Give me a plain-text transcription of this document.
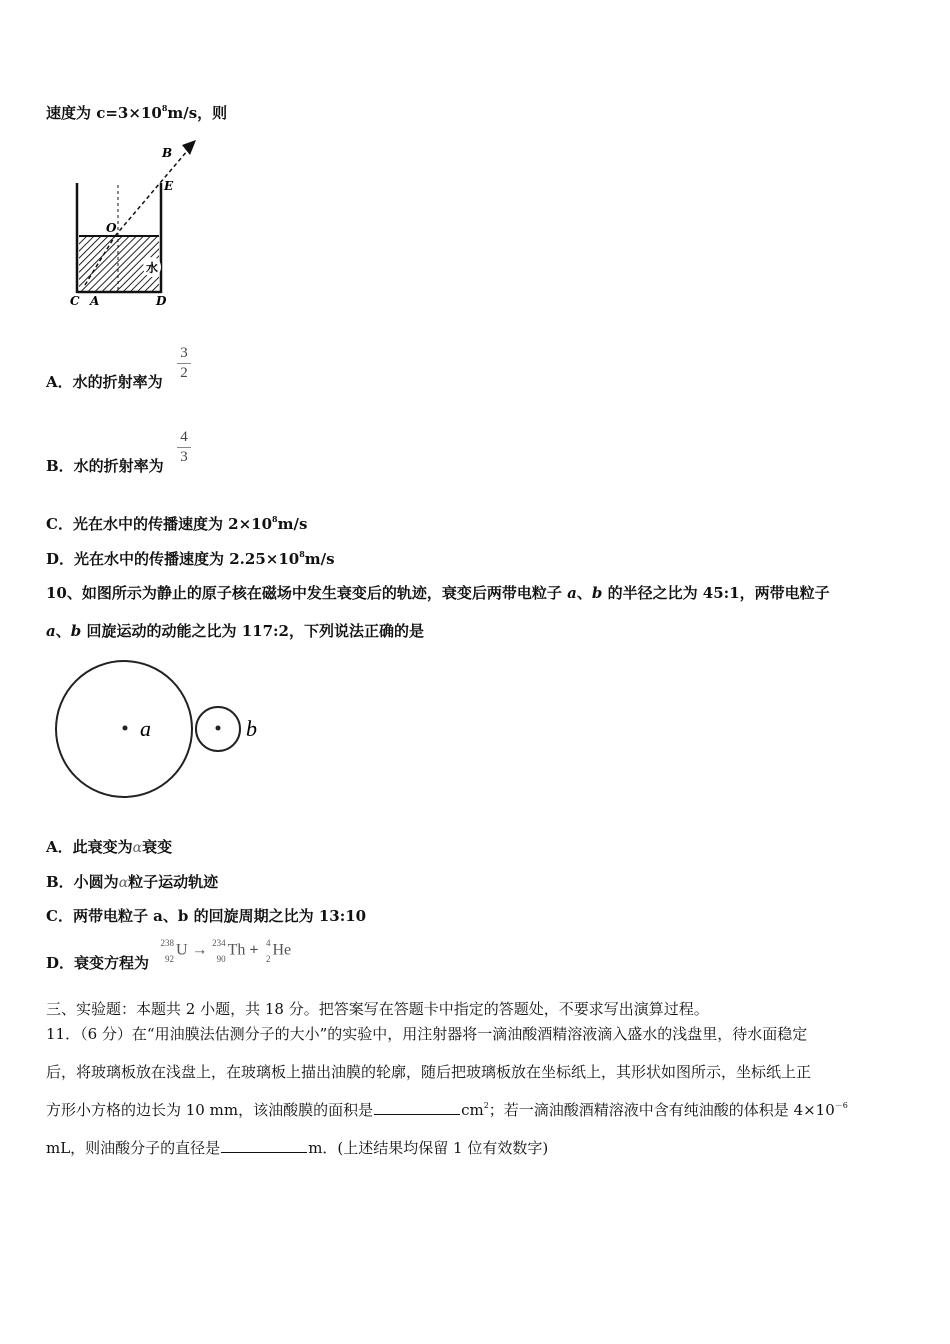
速度为 $c=3\times 10^8m/s$，则
B
E
O
水
C A	D
A．水的折射率为
3
2
B．水的折射率为
4
3
C．光在水中的传播速度为 $2\times 10^8m/s$
D．光在水中的传播速度为 $2.25\times 10^8m/s$
10、如图所示为静止的原子核在磁场中发生衰变后的轨迹，衰变后两带电粒子 a、b 的半径之比为 45:1，两带电粒子
a、b 回旋运动的动能之比为 117:2，下列说法正确的是
a	b
A．此衰变为α衰变
B．小圆为α粒子运动轨迹
C．两带电粒子 a、b 的回旋周期之比为 13:10
D．衰变方程为
238
92
U → 234
90
Th + 4
2
He
三、实验题：本题共 2 小题，共 18 分。把答案写在答题卡中指定的答题处，不要求写出演算过程。
11．（6 分）在“用油膜法估测分子的大小”的实验中，用注射器将一滴油酸酒精溶液滴入盛水的浅盘里，待水面稳定
后，将玻璃板放在浅盘上，在玻璃板上描出油膜的轮廓，随后把玻璃板放在坐标纸上，其形状如图所示，坐标纸上正
方形小方格的边长为 10 mm，该油酸膜的面积是	$cm^2$；若一滴油酸酒精溶液中含有纯油酸的体积是 $4\times 10^{-6}$
mL，则油酸分子的直径是	m．(上述结果均保留 1 位有效数字)
